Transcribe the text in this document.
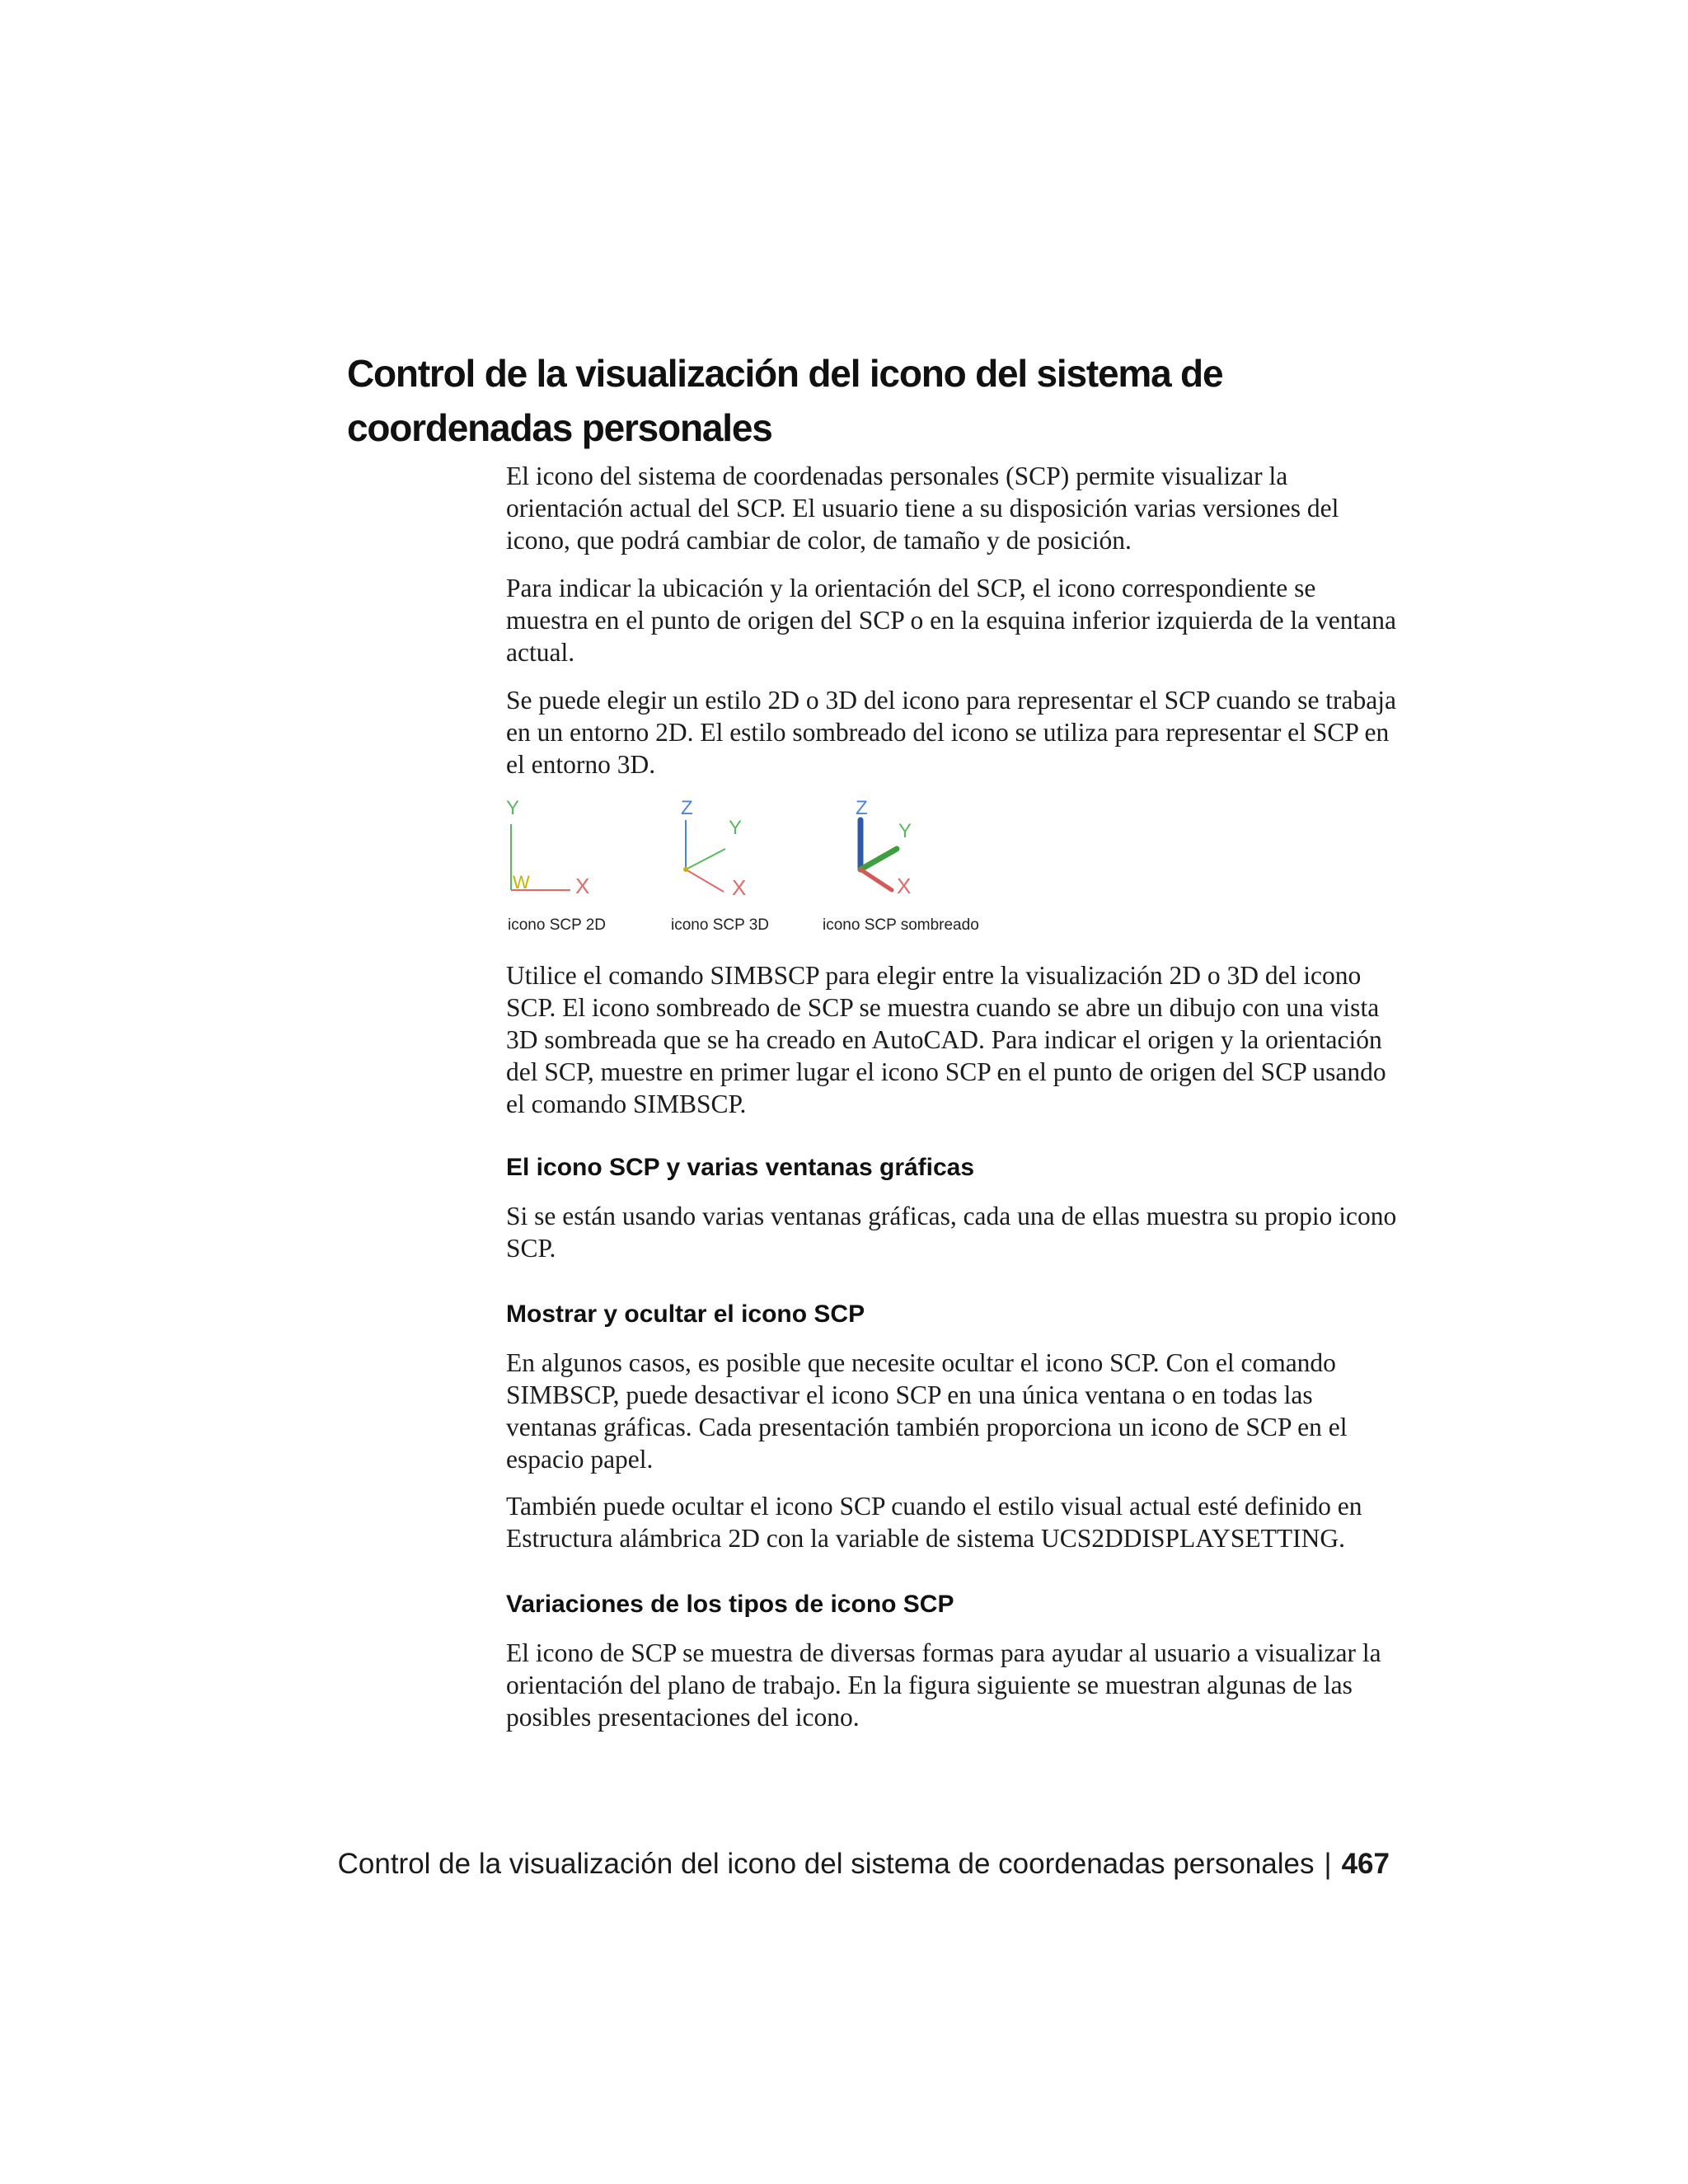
Control de la visualización del icono del sistema de coordenadas personales

El icono del sistema de coordenadas personales (SCP) permite visualizar la orientación actual del SCP. El usuario tiene a su disposición varias versiones del icono, que podrá cambiar de color, de tamaño y de posición.

Para indicar la ubicación y la orientación del SCP, el icono correspondiente se muestra en el punto de origen del SCP o en la esquina inferior izquierda de la ventana actual.

Se puede elegir un estilo 2D o 3D del icono para representar el SCP cuando se trabaja en un entorno 2D. El estilo sombreado del icono se utiliza para representar el SCP en el entorno 3D.

Y
W X
icono SCP 2D
Z
Y
X
icono SCP 3D
Z
Y
X
icono SCP sombreado

Utilice el comando SIMBSCP para elegir entre la visualización 2D o 3D del icono SCP. El icono sombreado de SCP se muestra cuando se abre un dibujo con una vista 3D sombreada que se ha creado en AutoCAD. Para indicar el origen y la orientación del SCP, muestre en primer lugar el icono SCP en el punto de origen del SCP usando el comando SIMBSCP.

El icono SCP y varias ventanas gráficas

Si se están usando varias ventanas gráficas, cada una de ellas muestra su propio icono SCP.

Mostrar y ocultar el icono SCP

En algunos casos, es posible que necesite ocultar el icono SCP. Con el comando SIMBSCP, puede desactivar el icono SCP en una única ventana o en todas las ventanas gráficas. Cada presentación también proporciona un icono de SCP en el espacio papel.

También puede ocultar el icono SCP cuando el estilo visual actual esté definido en Estructura alámbrica 2D con la variable de sistema UCS2DDISPLAYSETTING.

Variaciones de los tipos de icono SCP

El icono de SCP se muestra de diversas formas para ayudar al usuario a visualizar la orientación del plano de trabajo. En la figura siguiente se muestran algunas de las posibles presentaciones del icono.

Control de la visualización del icono del sistema de coordenadas personales | 467
